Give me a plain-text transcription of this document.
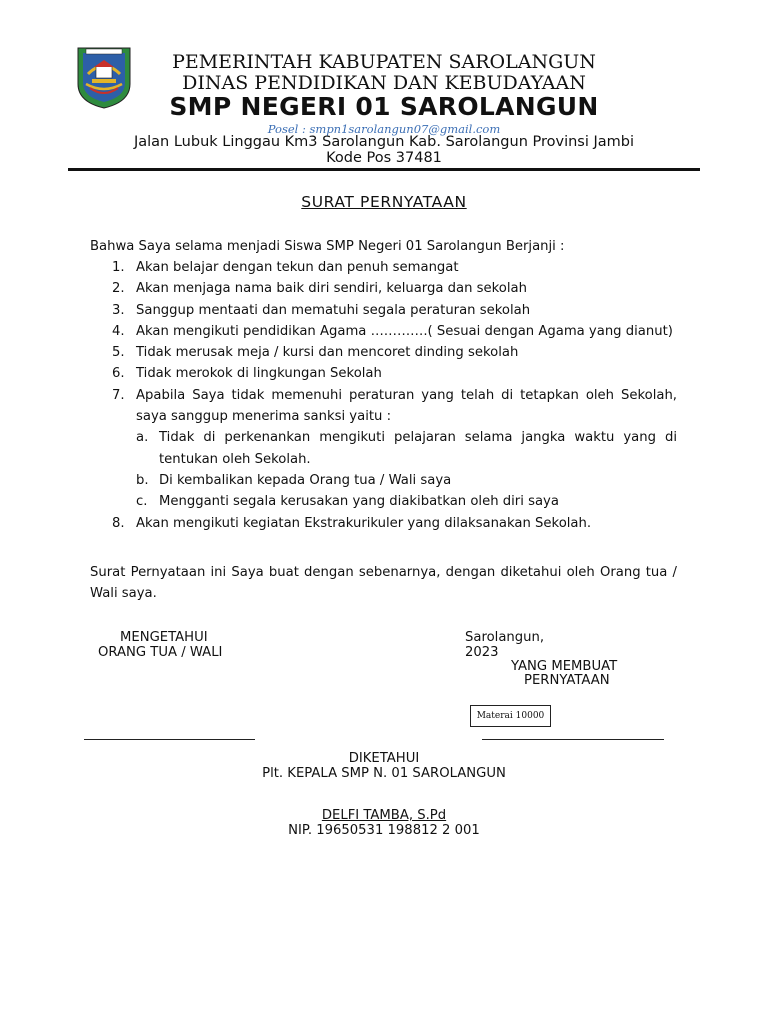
PEMERINTAH KABUPATEN SAROLANGUN
DINAS PENDIDIKAN DAN KEBUDAYAAN
SMP NEGERI 01 SAROLANGUN
Posel : smpn1sarolangun07@gmail.com
Jalan Lubuk Linggau Km3 Sarolangun Kab. Sarolangun Provinsi Jambi
Kode Pos 37481
SURAT PERNYATAAN
Bahwa Saya selama menjadi Siswa SMP Negeri 01 Sarolangun Berjanji :
1. Akan belajar dengan tekun dan penuh semangat
2. Akan menjaga nama baik diri sendiri, keluarga dan sekolah
3. Sanggup mentaati dan mematuhi segala peraturan sekolah
4. Akan mengikuti pendidikan Agama ………….( Sesuai dengan Agama yang dianut)
5. Tidak merusak meja / kursi dan mencoret dinding sekolah
6. Tidak merokok di lingkungan Sekolah
7. Apabila Saya tidak memenuhi peraturan yang telah di tetapkan oleh Sekolah, saya sanggup menerima sanksi yaitu :
a. Tidak di perkenankan mengikuti pelajaran selama jangka waktu yang di tentukan oleh Sekolah.
b. Di kembalikan kepada Orang tua / Wali saya
c. Mengganti segala kerusakan yang diakibatkan oleh diri saya
8. Akan mengikuti kegiatan Ekstrakurikuler yang dilaksanakan Sekolah.
Surat Pernyataan ini Saya buat dengan sebenarnya, dengan diketahui oleh Orang tua / Wali saya.
MENGETAHUI
ORANG TUA / WALI
Sarolangun,
2023
YANG MEMBUAT
PERNYATAAN
Materai 10000
DIKETAHUI
Plt. KEPALA SMP N. 01 SAROLANGUN
DELFI TAMBA, S.Pd
NIP. 19650531 198812 2 001
